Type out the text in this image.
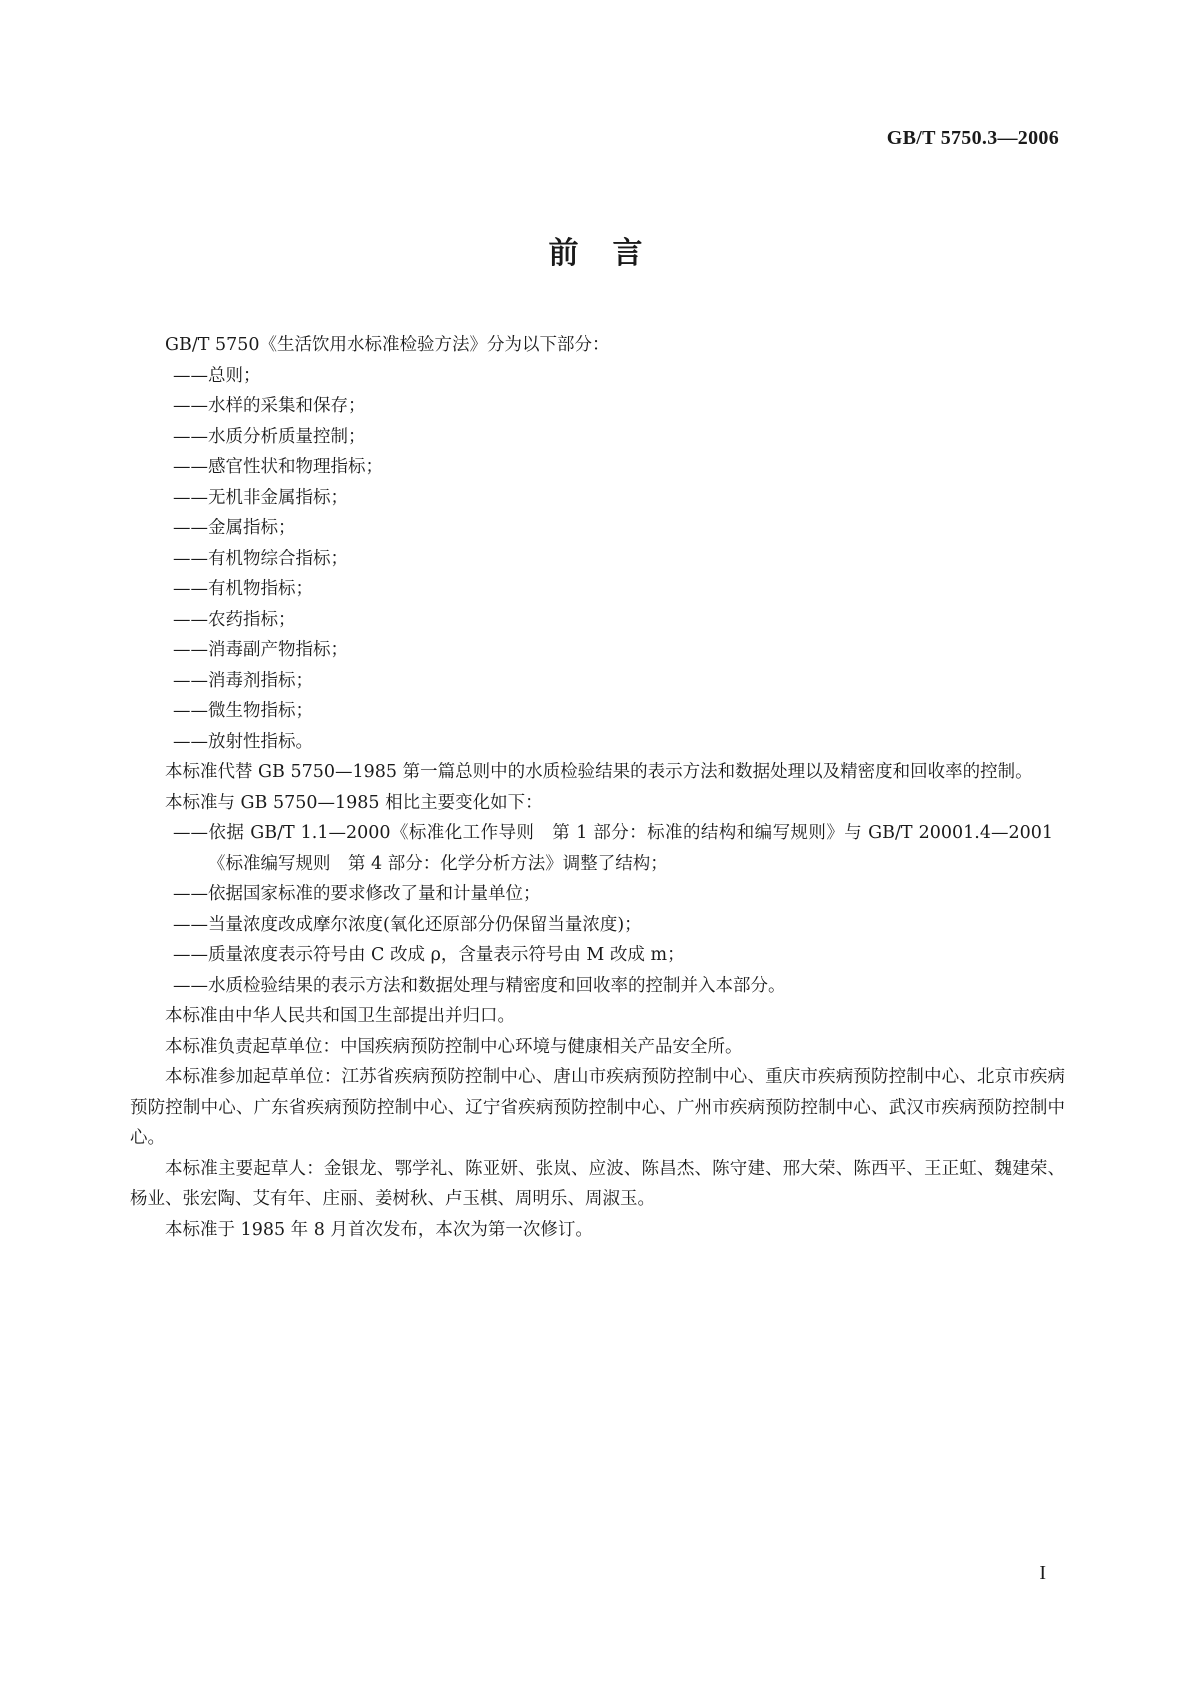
GB/T 5750.3—2006
前言

GB/T 5750《生活饮用水标准检验方法》分为以下部分：

——总则；

——水样的采集和保存；

——水质分析质量控制；

——感官性状和物理指标；

——无机非金属指标；

——金属指标；

——有机物综合指标；

——有机物指标；

——农药指标；

——消毒副产物指标；

——消毒剂指标；

——微生物指标；

——放射性指标。

本标准代替 GB 5750—1985 第一篇总则中的水质检验结果的表示方法和数据处理以及精密度和回收率的控制。

本标准与 GB 5750—1985 相比主要变化如下：

——依据 GB/T 1.1—2000《标准化工作导则　第 1 部分：标准的结构和编写规则》与 GB/T 20001.4—2001《标准编写规则　第 4 部分：化学分析方法》调整了结构；

——依据国家标准的要求修改了量和计量单位；

——当量浓度改成摩尔浓度(氧化还原部分仍保留当量浓度)；

——质量浓度表示符号由 C 改成 ρ，含量表示符号由 M 改成 m；

——水质检验结果的表示方法和数据处理与精密度和回收率的控制并入本部分。

本标准由中华人民共和国卫生部提出并归口。

本标准负责起草单位：中国疾病预防控制中心环境与健康相关产品安全所。

本标准参加起草单位：江苏省疾病预防控制中心、唐山市疾病预防控制中心、重庆市疾病预防控制中心、北京市疾病预防控制中心、广东省疾病预防控制中心、辽宁省疾病预防控制中心、广州市疾病预防控制中心、武汉市疾病预防控制中心。

本标准主要起草人：金银龙、鄂学礼、陈亚妍、张岚、应波、陈昌杰、陈守建、邢大荣、陈西平、王正虹、魏建荣、杨业、张宏陶、艾有年、庄丽、姜树秋、卢玉棋、周明乐、周淑玉。

本标准于 1985 年 8 月首次发布，本次为第一次修订。

I
